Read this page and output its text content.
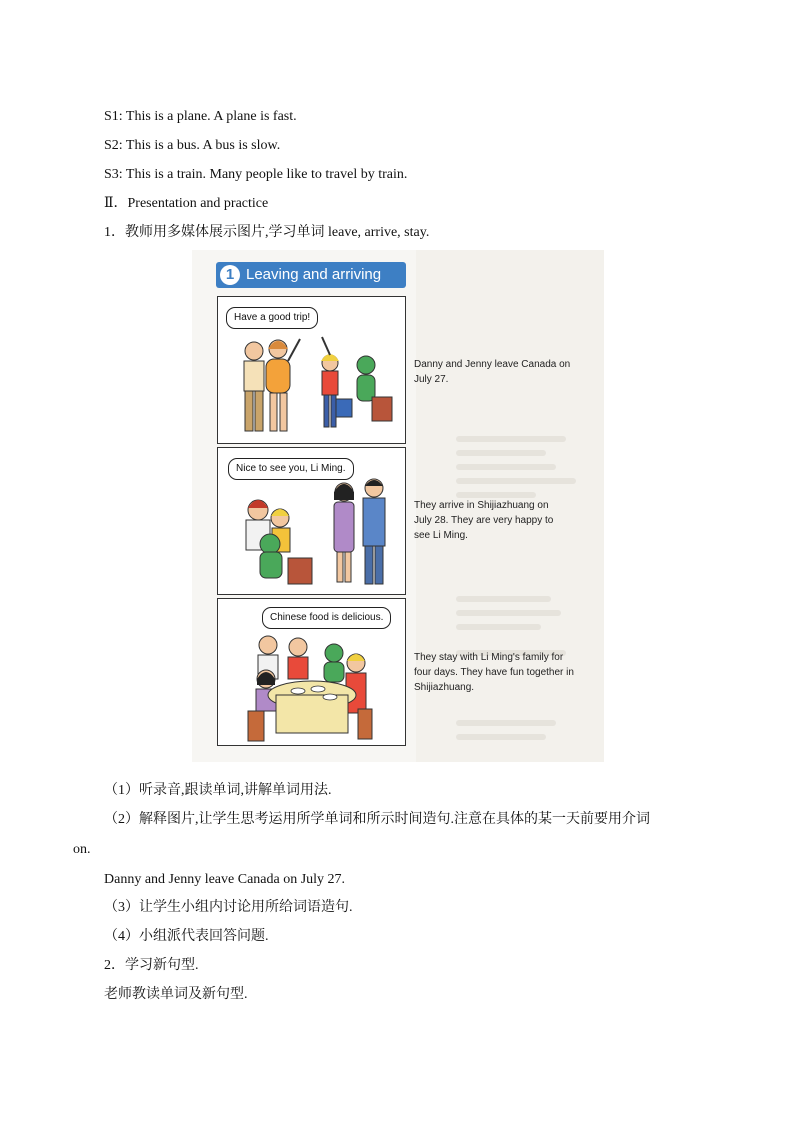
S1: This is a plane. A plane is fast.
S2: This is a bus. A bus is slow.
S3: This is a train. Many people like to travel by train.
Ⅱ．Presentation and practice
1．教师用多媒体展示图片,学习单词 leave, arrive, stay.
1 Leaving and arriving
Have a good trip!
Nice to see you, Li Ming.
Chinese food is delicious.
Danny and Jenny leave Canada on July 27.
They arrive in Shijiazhuang on July 28. They are very happy to see Li Ming.
They stay with Li Ming's family for four days. They have fun together in Shijiazhuang.
（1）听录音,跟读单词,讲解单词用法.
（2）解释图片,让学生思考运用所学单词和所示时间造句.注意在具体的某一天前要用介词
on.
Danny and Jenny leave Canada on July 27.
（3）让学生小组内讨论用所给词语造句.
（4）小组派代表回答问题.
2．学习新句型.
老师教读单词及新句型.
